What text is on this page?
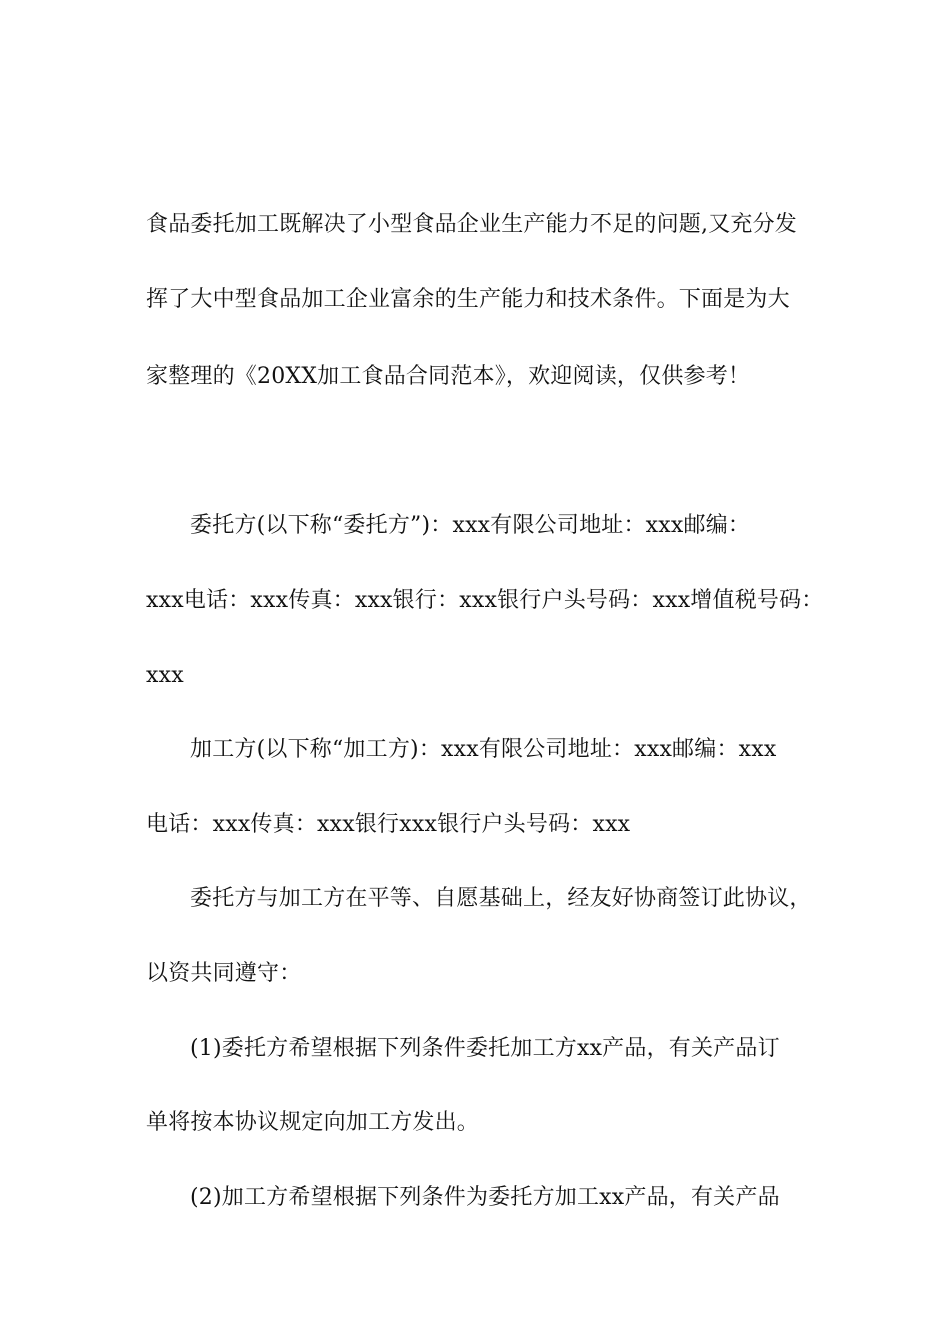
食品委托加工既解决了小型食品企业生产能力不足的问题,又充分发
挥了大中型食品加工企业富余的生产能力和技术条件。下面是为大
家整理的《20XX加工食品合同范本》，欢迎阅读，仅供参考！
委托方(以下称“委托方”)：xxx有限公司地址：xxx邮编：
xxx电话：xxx传真：xxx银行：xxx银行户头号码：xxx增值税号码：
xxx
加工方(以下称“加工方)：xxx有限公司地址：xxx邮编：xxx
电话：xxx传真：xxx银行xxx银行户头号码：xxx
委托方与加工方在平等、自愿基础上，经友好协商签订此协议，
以资共同遵守：
(1)委托方希望根据下列条件委托加工方xx产品，有关产品订
单将按本协议规定向加工方发出。
(2)加工方希望根据下列条件为委托方加工xx产品，有关产品
